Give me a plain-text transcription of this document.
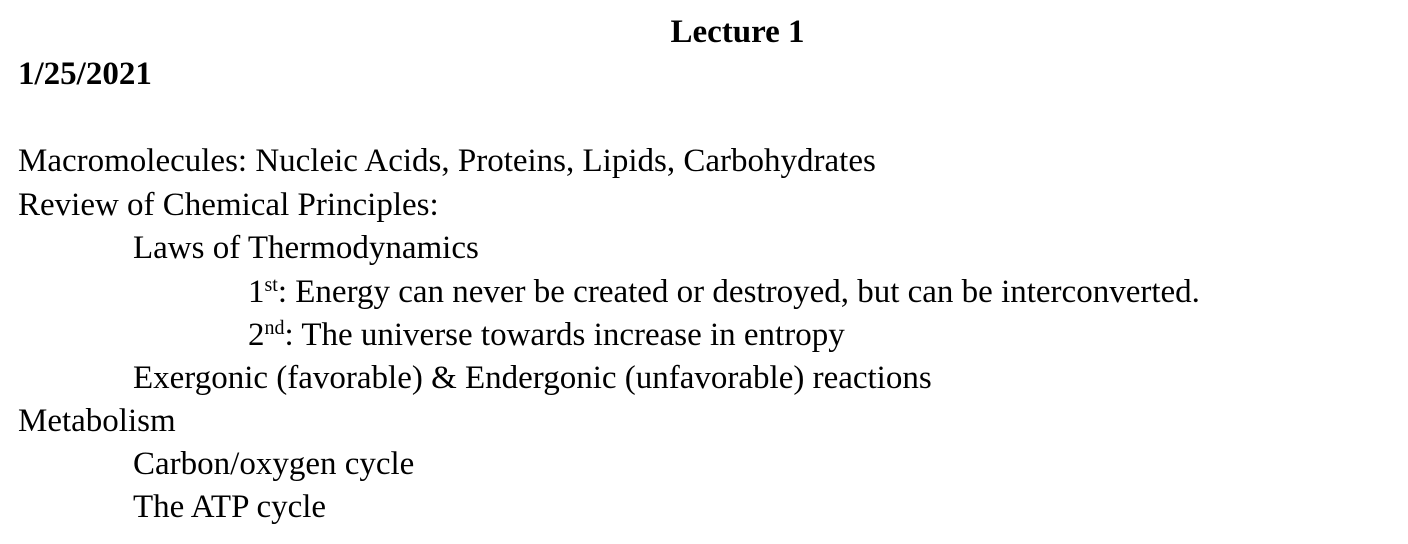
Lecture 1
1/25/2021
Macromolecules: Nucleic Acids, Proteins, Lipids, Carbohydrates
Review of Chemical Principles:
Laws of Thermodynamics
1st: Energy can never be created or destroyed, but can be interconverted.
2nd: The universe towards increase in entropy
Exergonic (favorable) & Endergonic (unfavorable) reactions
Metabolism
Carbon/oxygen cycle
The ATP cycle
